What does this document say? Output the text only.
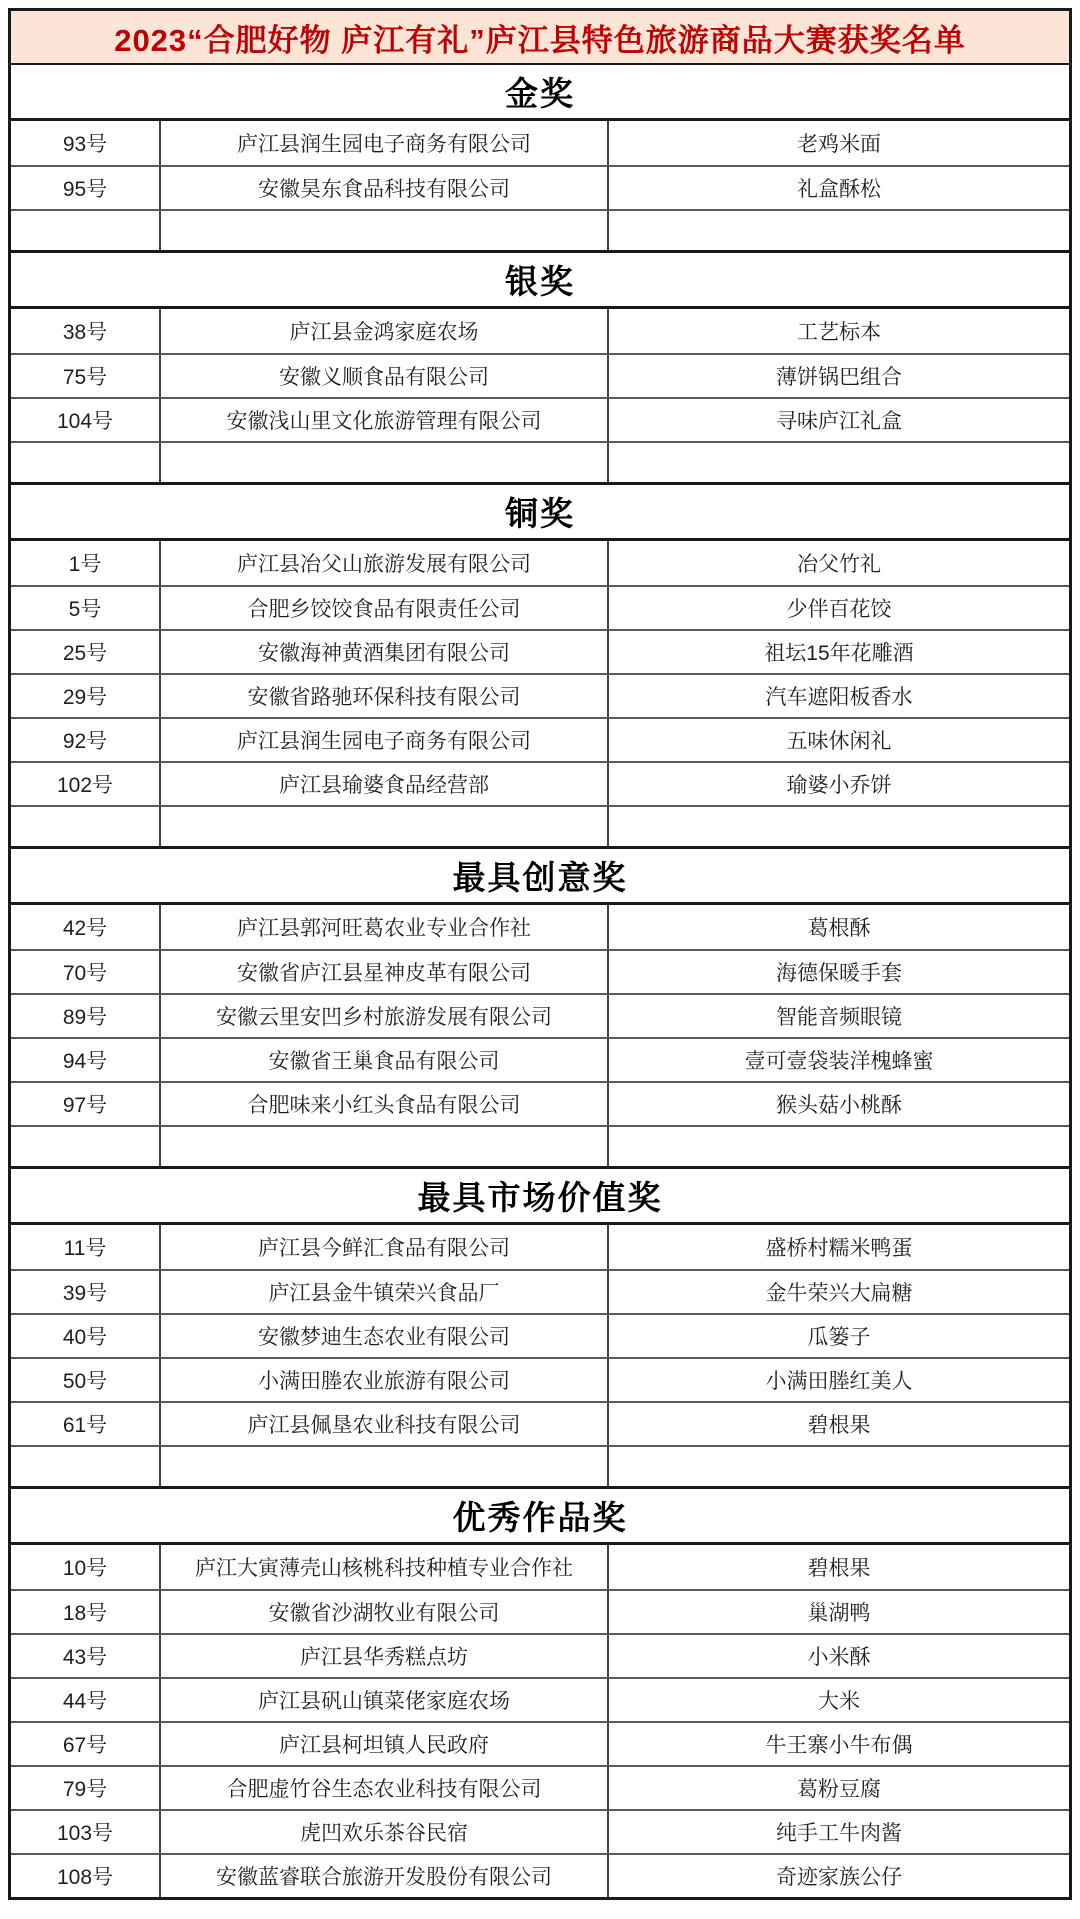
2023“合肥好物 庐江有礼”庐江县特色旅游商品大赛获奖名单
金奖
93号	庐江县润生园电子商务有限公司	老鸡米面
95号	安徽昊东食品科技有限公司	礼盒酥松
银奖
38号	庐江县金鸿家庭农场	工艺标本
75号	安徽义顺食品有限公司	薄饼锅巴组合
104号	安徽浅山里文化旅游管理有限公司	寻味庐江礼盒
铜奖
1号	庐江县冶父山旅游发展有限公司	冶父竹礼
5号	合肥乡饺饺食品有限责任公司	少伴百花饺
25号	安徽海神黄酒集团有限公司	祖坛15年花雕酒
29号	安徽省路驰环保科技有限公司	汽车遮阳板香水
92号	庐江县润生园电子商务有限公司	五味休闲礼
102号	庐江县瑜婆食品经营部	瑜婆小乔饼
最具创意奖
42号	庐江县郭河旺葛农业专业合作社	葛根酥
70号	安徽省庐江县星神皮革有限公司	海德保暖手套
89号	安徽云里安凹乡村旅游发展有限公司	智能音频眼镜
94号	安徽省王巢食品有限公司	壹可壹袋装洋槐蜂蜜
97号	合肥味来小红头食品有限公司	猴头菇小桃酥
最具市场价值奖
11号	庐江县今鲜汇食品有限公司	盛桥村糯米鸭蛋
39号	庐江县金牛镇荣兴食品厂	金牛荣兴大扁糖
40号	安徽梦迪生态农业有限公司	瓜篓子
50号	小满田塍农业旅游有限公司	小满田塍红美人
61号	庐江县佩垦农业科技有限公司	碧根果
优秀作品奖
10号	庐江大寅薄壳山核桃科技种植专业合作社	碧根果
18号	安徽省沙湖牧业有限公司	巢湖鸭
43号	庐江县华秀糕点坊	小米酥
44号	庐江县矾山镇菜佬家庭农场	大米
67号	庐江县柯坦镇人民政府	牛王寨小牛布偶
79号	合肥虚竹谷生态农业科技有限公司	葛粉豆腐
103号	虎凹欢乐茶谷民宿	纯手工牛肉酱
108号	安徽蓝睿联合旅游开发股份有限公司	奇迹家族公仔
